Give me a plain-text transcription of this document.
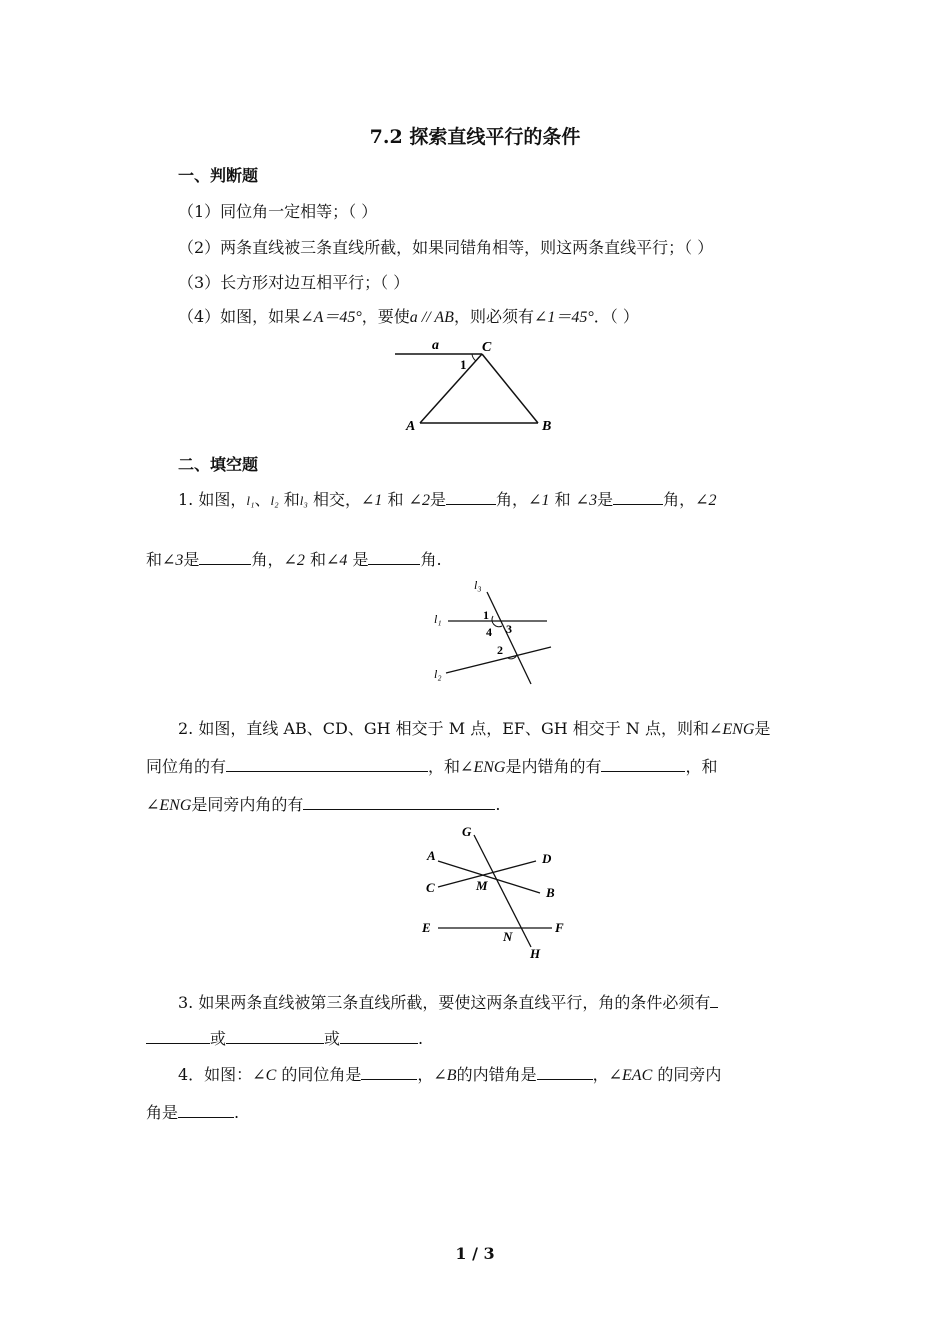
7.2 探索直线平行的条件
一、判断题
（1）同位角一定相等；（ ）
（2）两条直线被三条直线所截，如果同错角相等，则这两条直线平行；（ ）
（3）长方形对边互相平行；（ ）
（4）如图，如果∠A＝45°，要使a // AB，则必须有∠1＝45°．（ ）
a	C
1
A	B
二、填空题
1. 如图，l₁、l₂ 和l₃ 相交，∠1 和 ∠2是	角，∠1 和 ∠3是	角，∠2
和∠3是	角，∠2 和∠4 是	角.
l₃
l₁
l₂
1
4 3
2
2. 如图，直线 AB、CD、GH 相交于 M 点，EF、GH 相交于 N 点，则和∠ENG是
同位角的有	，和∠ENG是内错角的有	，和
∠ENG是同旁内角的有	.
G
A	D
C	M	B
E
N
F
H
3. 如果两条直线被第三条直线所截，要使这两条直线平行，角的条件必须有
或	或	.
4．如图：∠C 的同位角是	，∠B的内错角是	，∠EAC 的同旁内
角是	.
1 / 3
